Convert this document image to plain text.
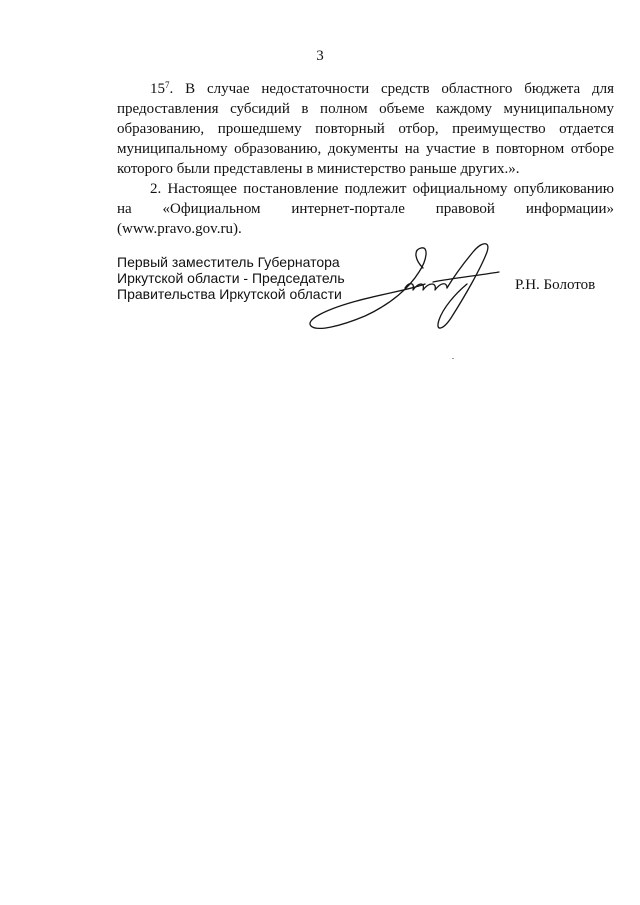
3

$15^7$. В случае недостаточности средств областного бюджета для предоставления субсидий в полном объеме каждому муниципальному образованию, прошедшему повторный отбор, преимущество отдается муниципальному образованию, документы на участие в повторном отборе которого были представлены в министерство раньше других.».

2. Настоящее постановление подлежит официальному опубликованию на «Официальном интернет-портале правовой информации» (www.pravo.gov.ru).

Первый заместитель Губернатора
Иркутской области - Председатель
Правительства Иркутской области
Р.Н. Болотов
